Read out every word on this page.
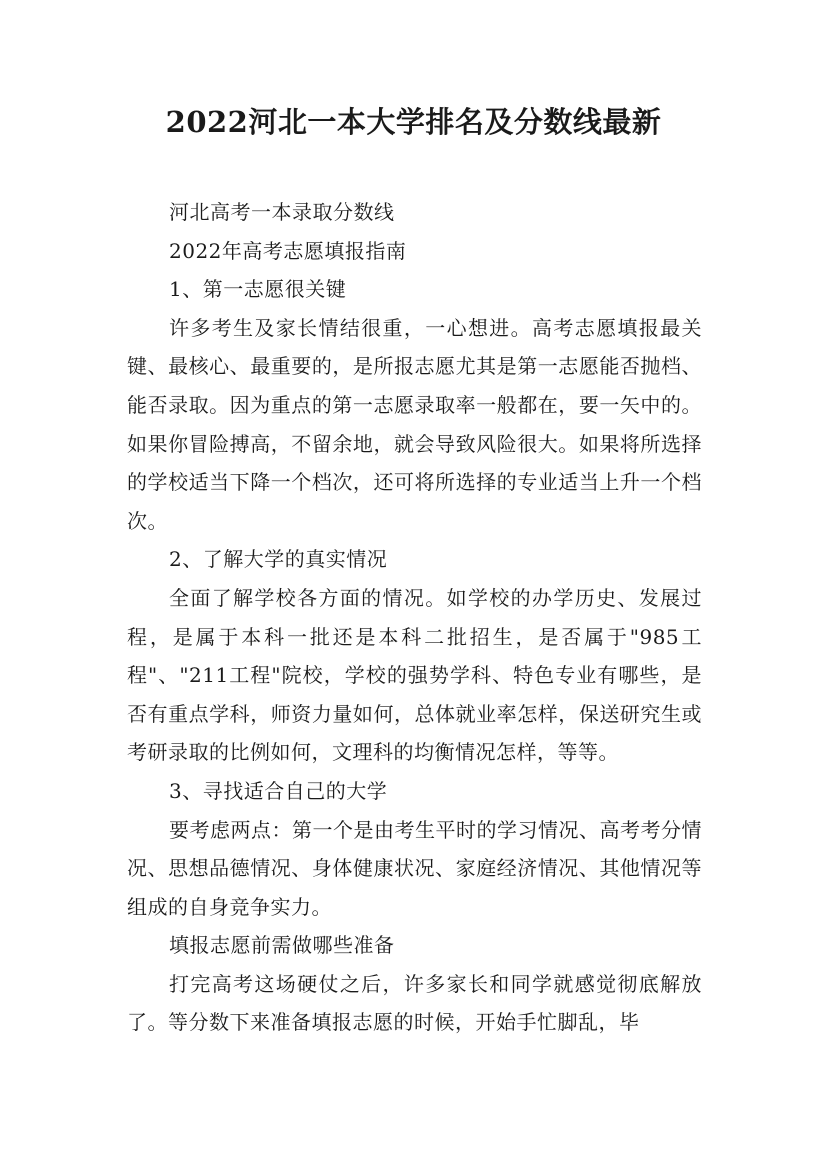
2022河北一本大学排名及分数线最新

河北高考一本录取分数线

2022年高考志愿填报指南

1、第一志愿很关键

许多考生及家长情结很重，一心想进。高考志愿填报最关键、最核心、最重要的，是所报志愿尤其是第一志愿能否抛档、能否录取。因为重点的第一志愿录取率一般都在，要一矢中的。如果你冒险搏高，不留余地，就会导致风险很大。如果将所选择的学校适当下降一个档次，还可将所选择的专业适当上升一个档次。

2、了解大学的真实情况

全面了解学校各方面的情况。如学校的办学历史、发展过程，是属于本科一批还是本科二批招生，是否属于"985工程"、"211工程"院校，学校的强势学科、特色专业有哪些，是否有重点学科，师资力量如何，总体就业率怎样，保送研究生或考研录取的比例如何，文理科的均衡情况怎样，等等。

3、寻找适合自己的大学

要考虑两点：第一个是由考生平时的学习情况、高考考分情况、思想品德情况、身体健康状况、家庭经济情况、其他情况等组成的自身竞争实力。

填报志愿前需做哪些准备

打完高考这场硬仗之后，许多家长和同学就感觉彻底解放了。等分数下来准备填报志愿的时候，开始手忙脚乱，毕
